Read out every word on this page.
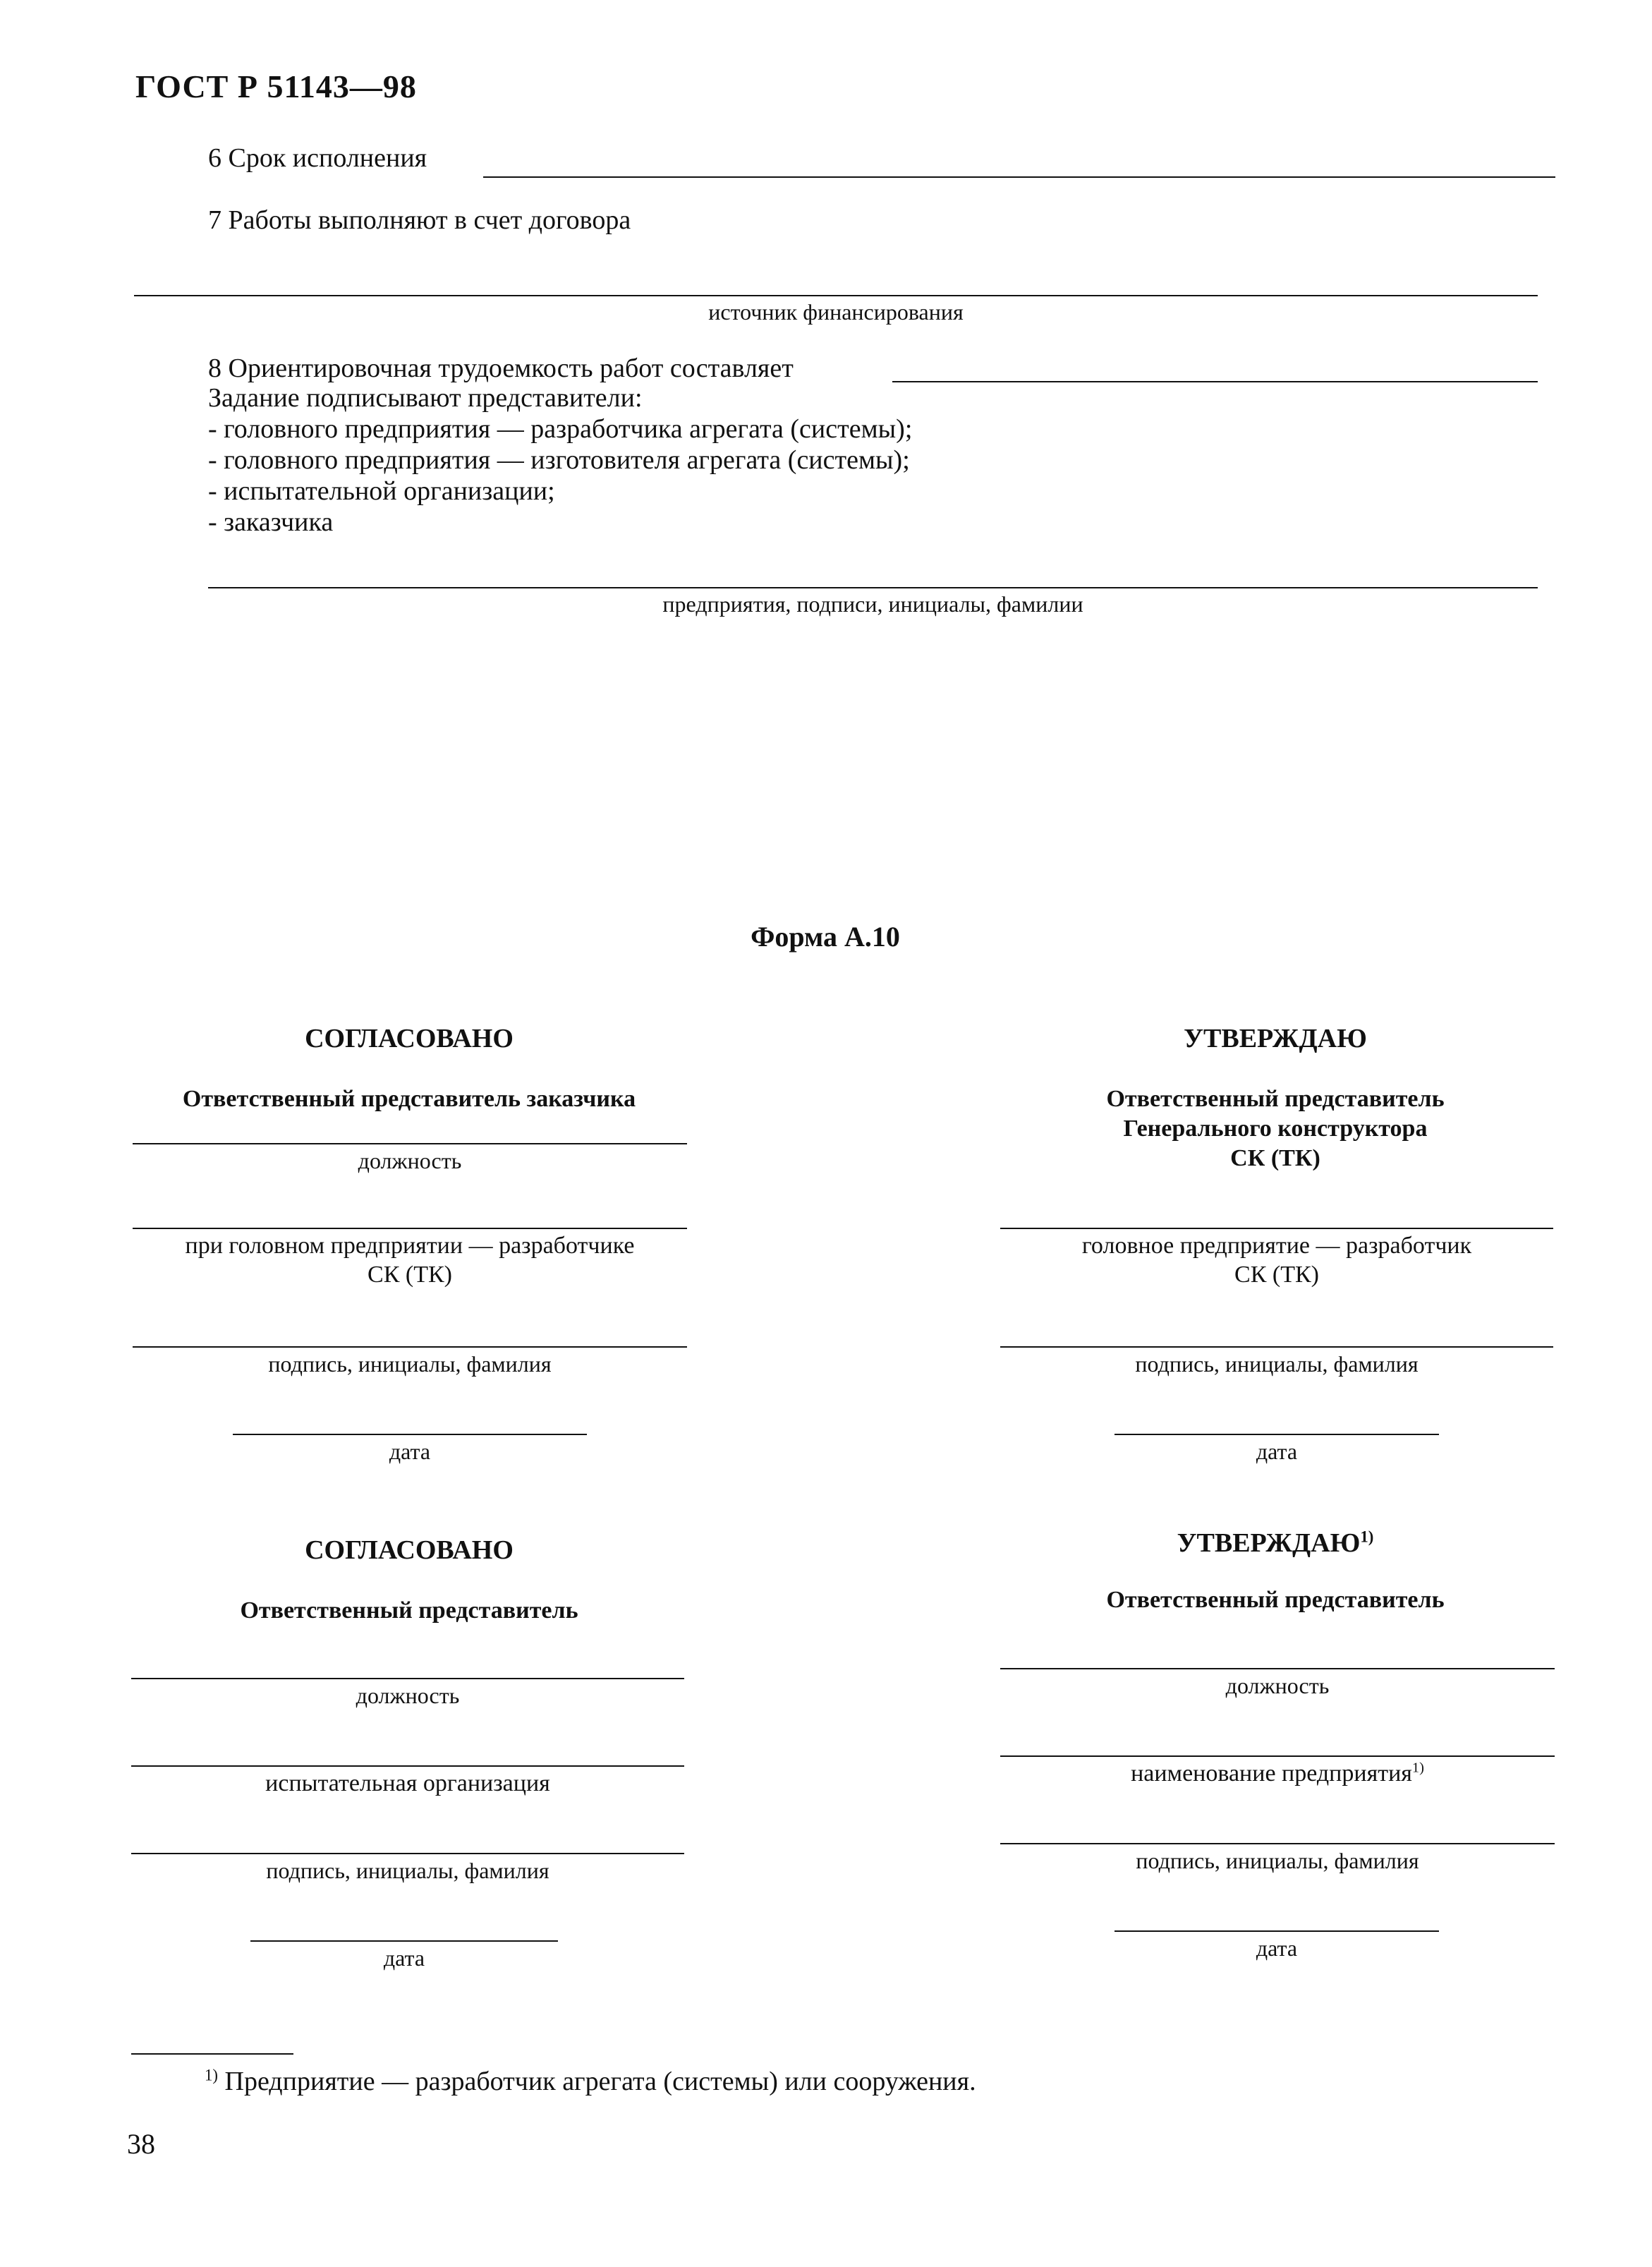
ГОСТ Р 51143—98
6 Срок исполнения
7 Работы выполняют в счет договора
источник финансирования
8 Ориентировочная трудоемкость работ составляет
Задание подписывают представители:
- головного предприятия — разработчика агрегата (системы);
- головного предприятия — изготовителя агрегата (системы);
- испытательной организации;
- заказчика
предприятия, подписи, инициалы, фамилии
Форма А.10
СОГЛАСОВАНО
Ответственный представитель заказчика
должность
при головном предприятии — разработчике
СК (ТК)
подпись, инициалы, фамилия
дата
УТВЕРЖДАЮ
Ответственный представитель
Генерального конструктора
СК (ТК)
головное предприятие — разработчик
СК (ТК)
подпись, инициалы, фамилия
дата
СОГЛАСОВАНО
Ответственный представитель
должность
испытательная организация
подпись, инициалы, фамилия
дата
УТВЕРЖДАЮ$^{1)}$
Ответственный представитель
должность
наименование предприятия$^{1)}$
подпись, инициалы, фамилия
дата
$^{1)}$ Предприятие — разработчик агрегата (системы) или сооружения.
38
